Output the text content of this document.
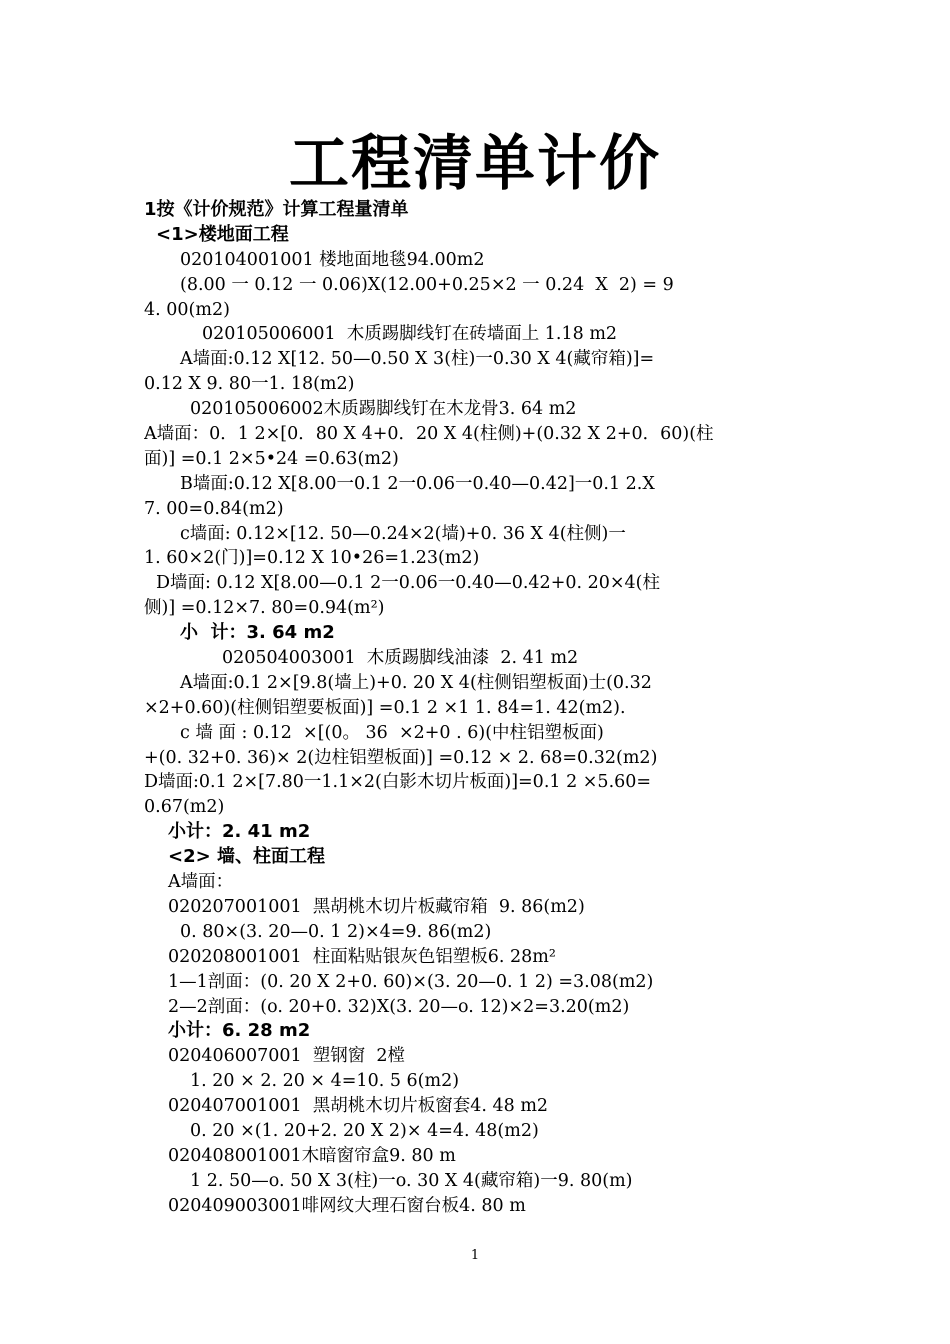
工程清单计价
1按《计价规范》计算工程量清单
<1>楼地面工程
020104001001 楼地面地毯94.00m2
(8.00 一 0.12 一 0.06)X(12.00+0.25×2 一 0.24  X  2) = 9
4. 00(m2)
020105006001  木质踢脚线钉在砖墙面上 1.18 m2
A墙面:0.12 X[12. 50—0.50 X 3(柱)一0.30 X 4(藏帘箱)]=
0.12 X 9. 80一1. 18(m2)
020105006002木质踢脚线钉在木龙骨3. 64 m2
A墙面：0．1 2×[0．80 X 4+0．20 X 4(柱侧)+(0.32 X 2+0．60)(柱
面)] =0.1 2×5•24 =0.63(m2)
B墙面:0.12 X[8.00一0.1 2一0.06一0.40—0.42]一0.1 2.X
7. 00=0.84(m2)
c墙面: 0.12×[12. 50—0.24×2(墙)+0. 36 X 4(柱侧)一
1. 60×2(门)]=0.12 X 10•26=1.23(m2)
D墙面: 0.12 X[8.00—0.1 2一0.06一0.40—0.42+0. 20×4(柱
侧)] =0.12×7. 80=0.94(m²)
小  计：3. 64 m2
020504003001  木质踢脚线油漆  2. 41 m2
A墙面:0.1 2×[9.8(墙上)+0. 20 X 4(柱侧铝塑板面)士(0.32
×2+0.60)(柱侧铝塑要板面)] =0.1 2 ×1 1. 84=1. 42(m2).
c 墙 面 : 0.12  ×[(0。 36  ×2+0 . 6)(中柱铝塑板面)
+(0. 32+0. 36)× 2(边柱铝塑板面)] =0.12 × 2. 68=0.32(m2)
D墙面:0.1 2×[7.80一1.1×2(白影木切片板面)]=0.1 2 ×5.60=
0.67(m2)
小计：2. 41 m2
<2> 墙、柱面工程
A墙面：
020207001001  黑胡桃木切片板藏帘箱  9. 86(m2)
0. 80×(3. 20—0. 1 2)×4=9. 86(m2)
020208001001  柱面粘贴银灰色铝塑板6. 28m²
1—1剖面：(0. 20 X 2+0. 60)×(3. 20—0. 1 2) =3.08(m2)
2—2剖面：(o. 20+0. 32)X(3. 20—o. 12)×2=3.20(m2)
小计：6. 28 m2
020406007001  塑钢窗  2樘
1. 20 × 2. 20 × 4=10. 5 6(m2)
020407001001  黑胡桃木切片板窗套4. 48 m2
0. 20 ×(1. 20+2. 20 X 2)× 4=4. 48(m2)
020408001001木暗窗帘盒9. 80 m
1 2. 50—o. 50 X 3(柱)一o. 30 X 4(藏帘箱)一9. 80(m)
020409003001啡网纹大理石窗台板4. 80 m
1
